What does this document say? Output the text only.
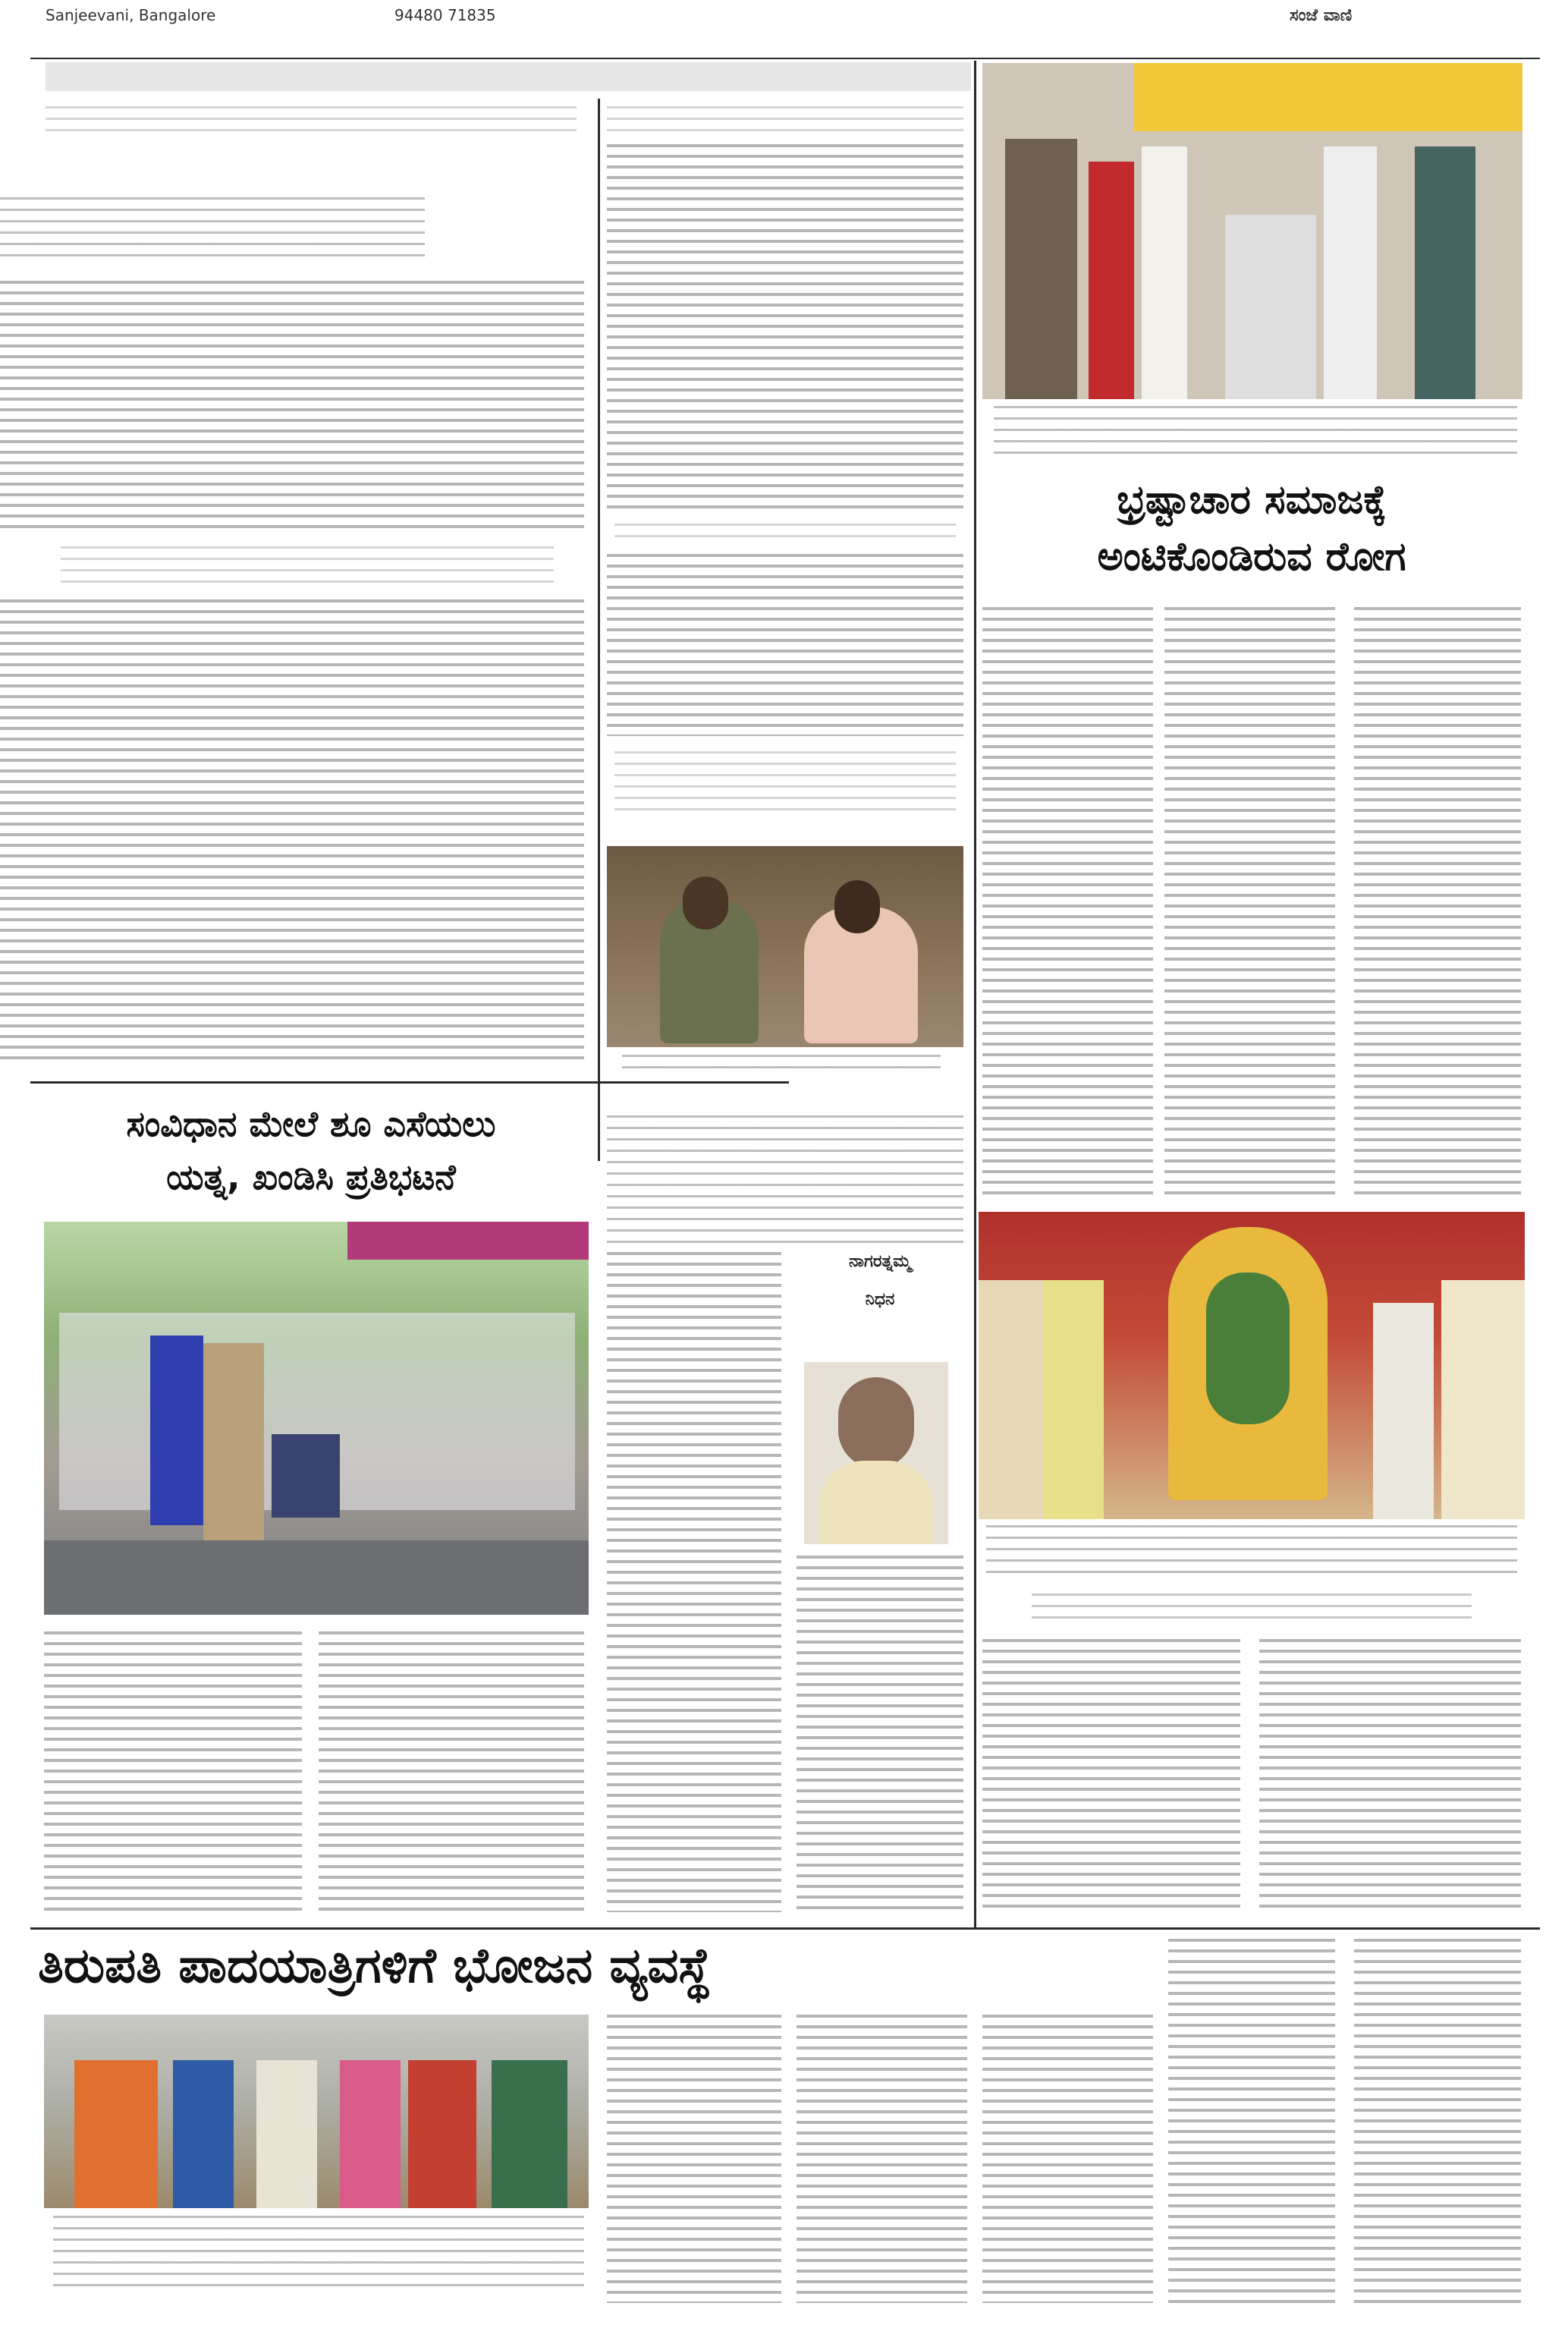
Sanjeevani, Bangalore	94480 71835	ಸಂಜೆ ವಾಣಿ
ಸಂವಿಧಾನ ಮೇಲೆ ಶೂ ಎಸೆಯಲು
ಯತ್ನ, ಖಂಡಿಸಿ ಪ್ರತಿಭಟನೆ
ನಾಗರತ್ನಮ್ಮ
ನಿಧನ
ಭ್ರಷ್ಟಾಚಾರ ಸಮಾಜಕ್ಕೆ
ಅಂಟಿಕೊಂಡಿರುವ ರೋಗ
ತಿರುಪತಿ ಪಾದಯಾತ್ರಿಗಳಿಗೆ ಭೋಜನ ವ್ಯವಸ್ಥೆ
